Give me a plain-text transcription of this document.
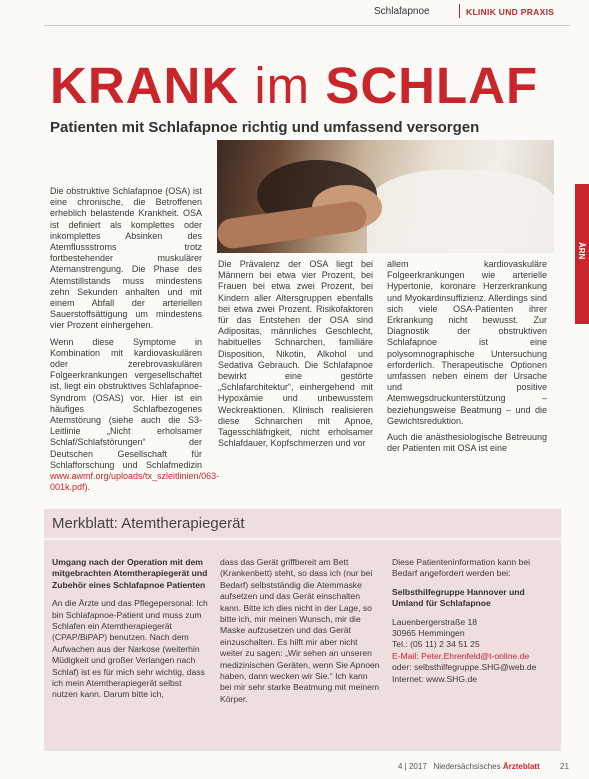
Schlafapnoe	KLINIK UND PRAXIS
KRANK im SCHLAF
Patienten mit Schlafapnoe richtig und umfassend versorgen
ÄRN

Die obstruktive Schlafapnoe (OSA) ist eine chronische, die Betroffenen erheblich belastende Krankheit. OSA ist definiert als komplettes oder inkomplettes Absinken des Atemflussstroms trotz fortbestehender muskulärer Atemanstrengung. Die Phase des Atemstillstands muss mindestens zehn Sekunden anhalten und mit einem Abfall der arteriellen Sauerstoffsättigung um mindestens vier Prozent einhergehen.

Wenn diese Symptome in Kombination mit kardiovaskulären oder zerebrovaskulären Folgeerkrankungen vergesellschaftet ist, liegt ein obstruktives Schlafapnoe-Syndrom (OSAS) vor. Hier ist ein häufiges Schlafbezogenes Atemstörung (siehe auch die S3-Leitlinie „Nicht erholsamer Schlaf/Schlafstörungen“ der Deutschen Gesellschaft für Schlafforschung und Schlafmedizin www.awmf.org/uploads/tx_szleitlinien/063-001k.pdf).

Die Prävalenz der OSA liegt bei Männern bei etwa vier Prozent, bei Frauen bei etwa zwei Prozent, bei Kindern aller Altersgruppen ebenfalls bei etwa zwei Prozent. Risikofaktoren für das Entstehen der OSA sind Adipositas, männliches Geschlecht, habituelles Schnarchen, familiäre Disposition, Nikotin, Alkohol und Sedativa Gebrauch. Die Schlafapnoe bewirkt eine gestörte „Schlafarchitektur“, einhergehend mit Hypoxämie und unbewusstem Weckreaktionen. Klinisch realisieren diese Schnarchen mit Apnoe, Tagesschläfrigkeit, nicht erholsamer Schlafdauer, Kopfschmerzen und vor

allem kardiovaskuläre Folgeerkrankungen wie arterielle Hypertonie, koronare Herzerkrankung und Myokardinsuffizienz. Allerdings sind sich viele OSA-Patienten ihrer Erkrankung nicht bewusst. Zur Diagnostik der obstruktiven Schlafapnoe ist eine polysomnographische Untersuchung erforderlich. Therapeutische Optionen umfassen neben einem der Ursache und positive Atemwegsdruckunterstützung – beziehungsweise Beatmung – und die Gewichtsreduktion.

Auch die anästhesiologische Betreuung der Patienten mit OSA ist eine

Merkblatt: Atemtherapiegerät

Umgang nach der Operation mit dem mitgebrachten Atemtherapiegerät und Zubehör eines Schlafapnoe Patienten

An die Ärzte und das Pflegepersonal: Ich bin Schlafapnoe-Patient und muss zum Schlafen ein Atemtherapiegerät (CPAP/BiPAP) benutzen. Nach dem Aufwachen aus der Narkose (weiterhin Müdigkeit und großer Verlangen nach Schlaf) ist es für mich sehr wichtig, dass ich mein Atemtherapiegerät selbst nutzen kann. Darum bitte ich,

dass das Gerät griffbereit am Bett (Krankenbett) steht, so dass ich (nur bei Bedarf) selbstständig die Atemmaske aufsetzen und das Gerät einschalten kann. Bitte ich dies nicht in der Lage, so bitte ich, mir meinen Wunsch, mir die Maske aufzusetzen und das Gerät einzuschalten. Es hilft mir aber nicht weiter zu sagen: „Wir sehen an unseren medizinischen Geräten, wenn Sie Apnoen haben, dann wecken wir Sie.“ Ich kann bei mir sehr starke Beatmung mit meinem Körper.

Diese Patienteninformation kann bei Bedarf angefordert werden bei:

Selbsthilfegruppe Hannover und Umland für Schlafapnoe

Lauenbergerstraße 18
30965 Hemmingen
Tel.: (05 11) 2 34 51 25
E-Mail: Peter.Ehrenfeld@t-online.de
oder: selbsthilfegruppe.SHG@web.de
Internet: www.SHG.de
4 | 2017 Niedersächsisches Ärzteblatt	21
